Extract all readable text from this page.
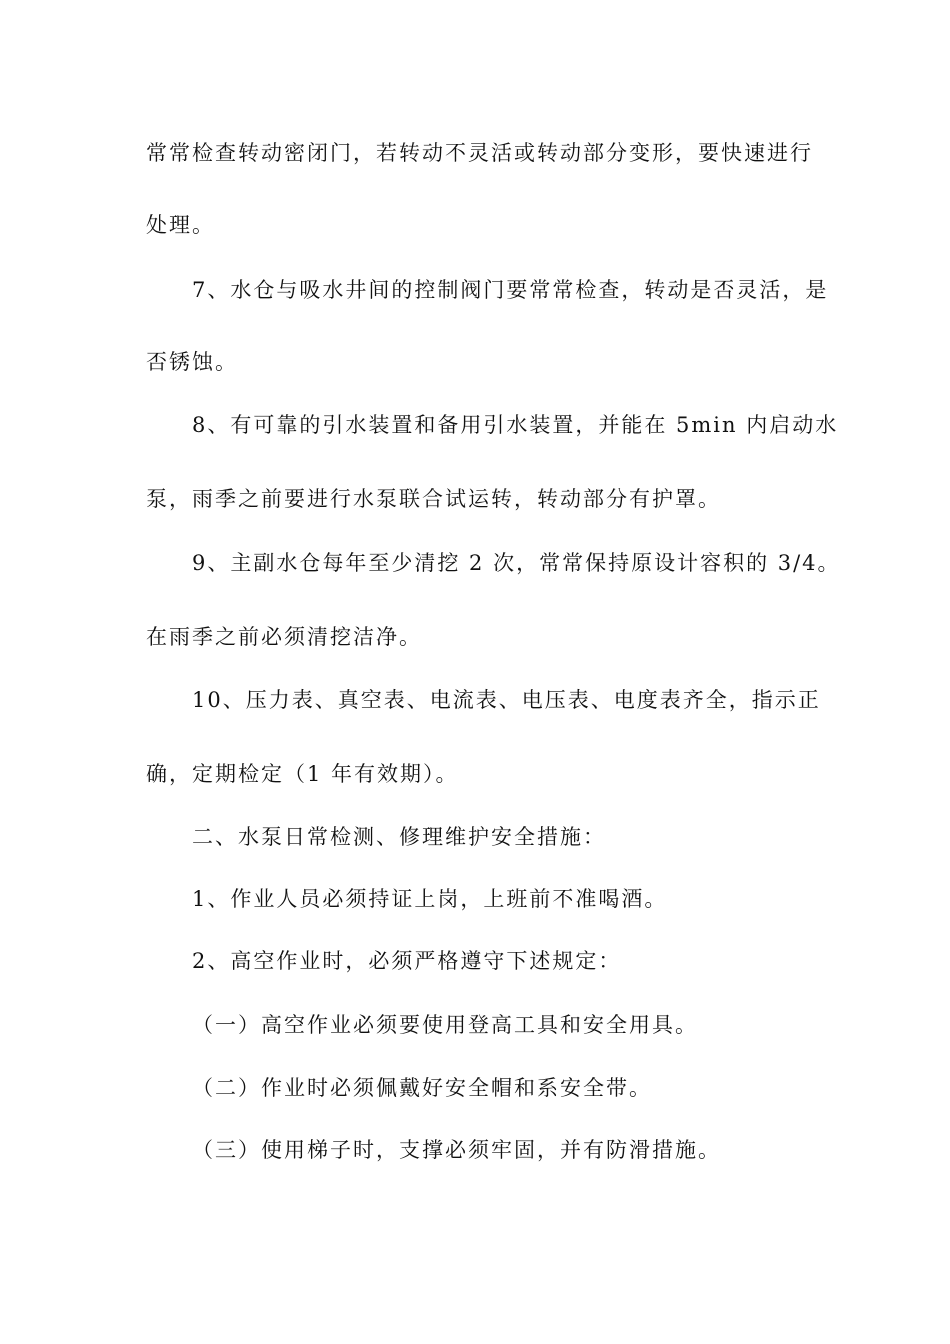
常常检查转动密闭门，若转动不灵活或转动部分变形，要快速进行
处理。
7、水仓与吸水井间的控制阀门要常常检查，转动是否灵活，是
否锈蚀。
8、有可靠的引水装置和备用引水装置，并能在 5min 内启动水
泵，雨季之前要进行水泵联合试运转，转动部分有护罩。
9、主副水仓每年至少清挖 2 次，常常保持原设计容积的 3/4。
在雨季之前必须清挖洁净。
10、压力表、真空表、电流表、电压表、电度表齐全，指示正
确，定期检定（1 年有效期）。
二、水泵日常检测、修理维护安全措施：
1、作业人员必须持证上岗，上班前不准喝酒。
2、高空作业时，必须严格遵守下述规定：
（一）高空作业必须要使用登高工具和安全用具。
（二）作业时必须佩戴好安全帽和系安全带。
（三）使用梯子时，支撑必须牢固，并有防滑措施。
